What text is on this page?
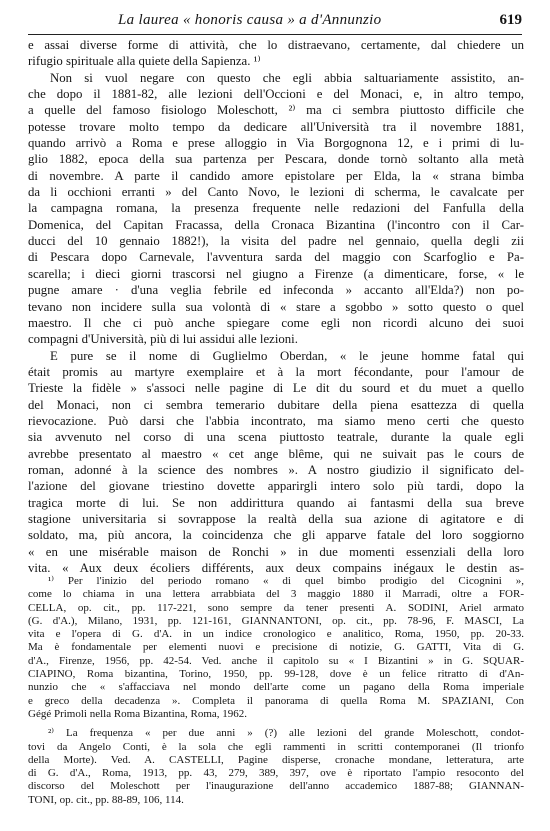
La laurea « honoris causa » a d'Annunzio	619

e assai diverse forme di attività, che lo distraevano, certamente, dal chiedere un
rifugio spirituale alla quiete della Sapienza. ¹⁾

Non si vuol negare con questo che egli abbia saltuariamente assistito, an-
che dopo il 1881-82, alle lezioni dell'Occioni e del Monaci, e, in altro tempo,
a quelle del famoso fisiologo Moleschott, ²⁾ ma ci sembra piuttosto difficile che
potesse trovare molto tempo da dedicare all'Università tra il novembre 1881,
quando arrivò a Roma e prese alloggio in Via Borgognona 12, e i primi di lu-
glio 1882, epoca della sua partenza per Pescara, donde tornò soltanto alla metà
di novembre. A parte il candido amore epistolare per Elda, la « strana bimba
da li occhioni erranti » del Canto Novo, le lezioni di scherma, le cavalcate per
la campagna romana, la presenza frequente nelle redazioni del Fanfulla della
Domenica, del Capitan Fracassa, della Cronaca Bizantina (l'incontro con il Car-
ducci del 10 gennaio 1882!), la visita del padre nel gennaio, quella degli zii
di Pescara dopo Carnevale, l'avventura sarda del maggio con Scarfoglio e Pa-
scarella; i dieci giorni trascorsi nel giugno a Firenze (a dimenticare, forse, « le
pugne amare · d'una veglia febrile ed infeconda » accanto all'Elda?) non po-
tevano non incidere sulla sua volontà di « stare a sgobbo » sotto questo o quel
maestro. Il che ci può anche spiegare come egli non ricordi alcuno dei suoi
compagni d'Università, più di lui assidui alle lezioni.

E pure se il nome di Guglielmo Oberdan, « le jeune homme fatal qui
était promis au martyre exemplaire et à la mort fécondante, pour l'amour de
Trieste la fidèle » s'associ nelle pagine di Le dit du sourd et du muet a quello
del Monaci, non ci sembra temerario dubitare della piena esattezza di quella
rievocazione. Può darsi che l'abbia incontrato, ma siamo meno certi che questo
sia avvenuto nel corso di una scena piuttosto teatrale, durante la quale egli
avrebbe presentato al maestro « cet ange blême, qui ne suivait pas le cours de
roman, adonné à la science des nombres ». A nostro giudizio il significato del-
l'azione del giovane triestino dovette apparirgli intero solo più tardi, dopo la
tragica morte di lui. Se non addirittura quando ai fantasmi della sua breve
stagione universitaria si sovrappose la realtà della sua azione di agitatore e di
soldato, ma, più ancora, la coincidenza che gli apparve fatale del loro soggiorno
« en une misérable maison de Ronchi » in due momenti essenziali della loro
vita. « Aux deux écoliers différents, aux deux compains inégaux le destin as-

¹⁾ Per l'inizio del periodo romano « di quel bimbo prodigio del Cicognini »,
come lo chiama in una lettera arrabbiata del 3 maggio 1880 il Marradi, oltre a FOR-
CELLA, op. cit., pp. 117-221, sono sempre da tener presenti A. SODINI, Ariel armato
(G. d'A.), Milano, 1931, pp. 121-161, GIANNANTONI, op. cit., pp. 78-96, F. MASCI, La
vita e l'opera di G. d'A. in un indice cronologico e analitico, Roma, 1950, pp. 20-33.
Ma è fondamentale per elementi nuovi e precisione di notizie, G. GATTI, Vita di G.
d'A., Firenze, 1956, pp. 42-54. Ved. anche il capitolo su « I Bizantini » in G. SQUAR-
CIAPINO, Roma bizantina, Torino, 1950, pp. 99-128, dove è un felice ritratto di d'An-
nunzio che « s'affacciava nel mondo dell'arte come un pagano della Roma imperiale
e greco della decadenza ». Completa il panorama di quella Roma M. SPAZIANI, Con
Gégé Primoli nella Roma Bizantina, Roma, 1962.

²⁾ La frequenza « per due anni » (?) alle lezioni del grande Moleschott, condot-
tovi da Angelo Conti, è la sola che egli rammenti in scritti contemporanei (Il trionfo
della Morte). Ved. A. CASTELLI, Pagine disperse, cronache mondane, letteratura, arte
di G. d'A., Roma, 1913, pp. 43, 279, 389, 397, ove è riportato l'ampio resoconto del
discorso del Moleschott per l'inaugurazione dell'anno accademico 1887-88; GIANNAN-
TONI, op. cit., pp. 88-89, 106, 114.
